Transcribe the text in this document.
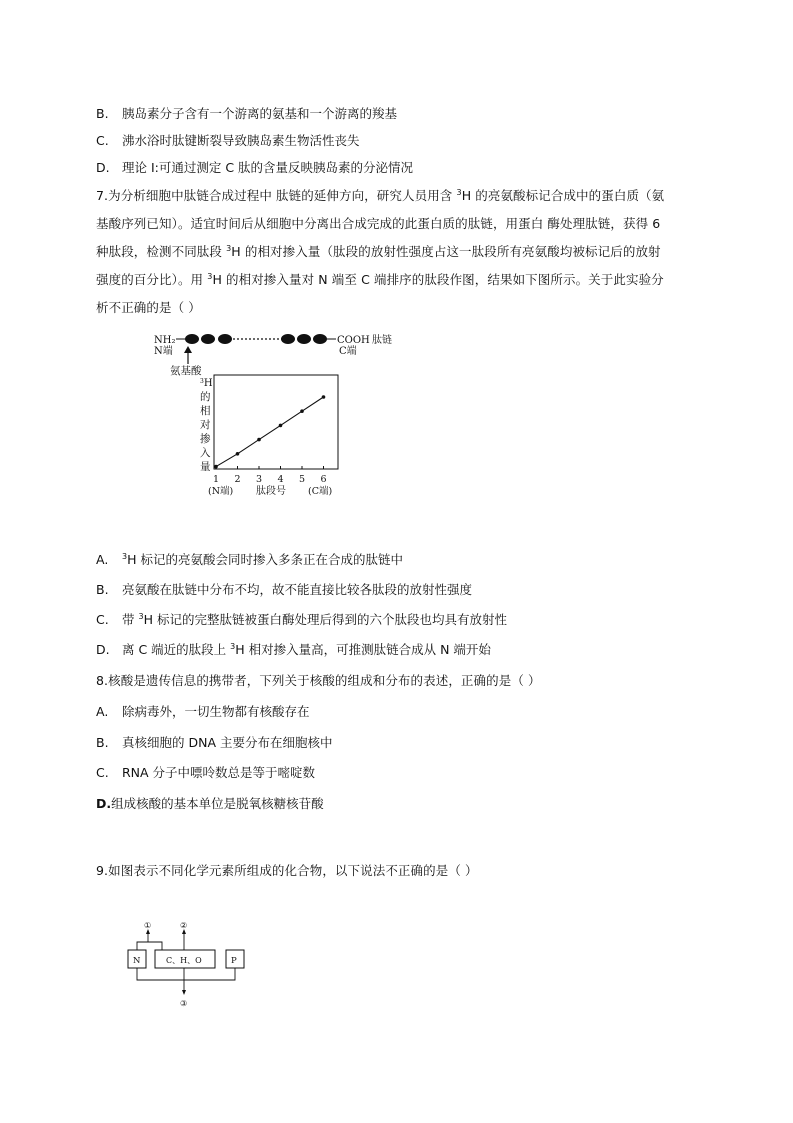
B. 胰岛素分子含有一个游离的氨基和一个游离的羧基
C. 沸水浴时肽键断裂导致胰岛素生物活性丧失
D. 理论 I:可通过测定 C 肽的含量反映胰岛素的分泌情况
7.为分析细胞中肽链合成过程中 肽链的延伸方向，研究人员用含 $^3$H 的亮氨酸标记合成中的蛋白质（氨
基酸序列已知）。适宜时间后从细胞中分离出合成完成的此蛋白质的肽链，用蛋白 酶处理肽链，获得 6
种肽段，检测不同肽段 $^3$H 的相对掺入量（肽段的放射性强度占这一肽段所有亮氨酸均被标记后的放射
强度的百分比）。用 $^3$H 的相对掺入量对 N 端至 C 端排序的肽段作图，结果如下图所示。关于此实验分
析不正确的是（ ）
NH₂
N端
COOH 肽链
C端
氨基酸
$^3$H
的
相
对
掺
入
量
1 2 3 4 5 6
(N端) 肽段号 (C端)
A. $^3$H 标记的亮氨酸会同时掺入多条正在合成的肽链中
B. 亮氨酸在肽链中分布不均，故不能直接比较各肽段的放射性强度
C. 带 $^3$H 标记的完整肽链被蛋白酶处理后得到的六个肽段也均具有放射性
D. 离 C 端近的肽段上 $^3$H 相对掺入量高，可推测肽链合成从 N 端开始
8.核酸是遗传信息的携带者，下列关于核酸的组成和分布的表述，正确的是（ ）
A. 除病毒外，一切生物都有核酸存在
B. 真核细胞的 DNA 主要分布在细胞核中
C. RNA 分子中嘌呤数总是等于嘧啶数
D.组成核酸的基本单位是脱氧核糖核苷酸
9.如图表示不同化学元素所组成的化合物，以下说法不正确的是（ ）
N	C、H、O	P
①	②
③
